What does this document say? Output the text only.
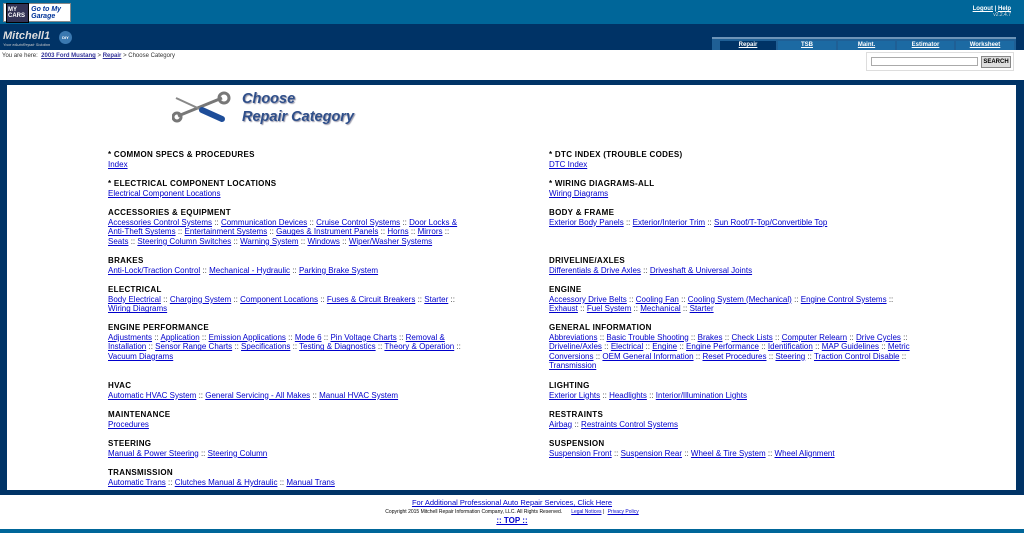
MY CARS
Go to My Garage
Logout | Help
v2.2.4.7
Mitchell1
Your eAutoRepair Solution
DIY
Repair	TSB	Maint.	Estimator	Worksheet
You are here: 2003 Ford Mustang > Repair > Choose Category
SEARCH
Choose
Repair Category
* COMMON SPECS & PROCEDURES
Index
* ELECTRICAL COMPONENT LOCATIONS
Electrical Component Locations
ACCESSORIES & EQUIPMENT
Accessories Control Systems :: Communication Devices :: Cruise Control Systems :: Door Locks & Anti-Theft Systems :: Entertainment Systems :: Gauges & Instrument Panels :: Horns :: Mirrors :: Seats :: Steering Column Switches :: Warning System :: Windows :: Wiper/Washer Systems
BRAKES
Anti-Lock/Traction Control :: Mechanical - Hydraulic :: Parking Brake System
ELECTRICAL
Body Electrical :: Charging System :: Component Locations :: Fuses & Circuit Breakers :: Starter :: Wiring Diagrams
ENGINE PERFORMANCE
Adjustments :: Application :: Emission Applications :: Mode 6 :: Pin Voltage Charts :: Removal & Installation :: Sensor Range Charts :: Specifications :: Testing & Diagnostics :: Theory & Operation :: Vacuum Diagrams
HVAC
Automatic HVAC System :: General Servicing - All Makes :: Manual HVAC System
MAINTENANCE
Procedures
STEERING
Manual & Power Steering :: Steering Column
TRANSMISSION
Automatic Trans :: Clutches Manual & Hydraulic :: Manual Trans
* DTC INDEX (TROUBLE CODES)
DTC Index
* WIRING DIAGRAMS-ALL
Wiring Diagrams
BODY & FRAME
Exterior Body Panels :: Exterior/Interior Trim :: Sun Roof/T-Top/Convertible Top
DRIVELINE/AXLES
Differentials & Drive Axles :: Driveshaft & Universal Joints
ENGINE
Accessory Drive Belts :: Cooling Fan :: Cooling System (Mechanical) :: Engine Control Systems :: Exhaust :: Fuel System :: Mechanical :: Starter
GENERAL INFORMATION
Abbreviations :: Basic Trouble Shooting :: Brakes :: Check Lists :: Computer Relearn :: Drive Cycles :: Driveline/Axles :: Electrical :: Engine :: Engine Performance :: Identification :: MAP Guidelines :: Metric Conversions :: OEM General Information :: Reset Procedures :: Steering :: Traction Control Disable :: Transmission
LIGHTING
Exterior Lights :: Headlights :: Interior/Illumination Lights
RESTRAINTS
Airbag :: Restraints Control Systems
SUSPENSION
Suspension Front :: Suspension Rear :: Wheel & Tire System :: Wheel Alignment
For Additional Professional Auto Repair Services, Click Here
Copyright 2015 Mitchell Repair Information Company, LLC. All Rights Reserved. Legal Notices | Privacy Policy
:: TOP ::
